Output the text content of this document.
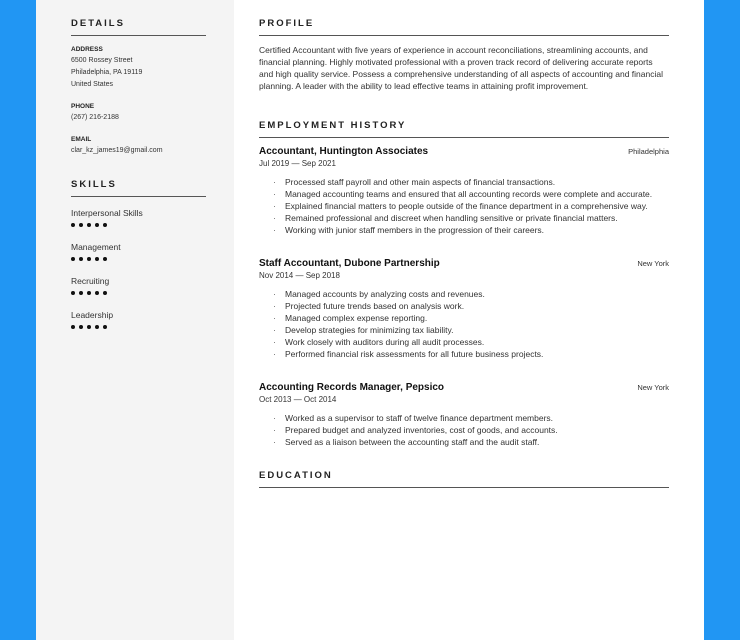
DETAILS
ADDRESS
6500 Rossey Street
Philadelphia, PA 19119
United States
PHONE
(267) 216-2188
EMAIL
clar_kz_james19@gmail.com
SKILLS
Interpersonal Skills
Management
Recruiting
Leadership
PROFILE

Certified Accountant with five years of experience in account reconciliations, streamlining accounts, and financial planning. Highly motivated professional with a proven track record of delivering accurate reports and high quality service. Possess a comprehensive understanding of all aspects of accounting and financial planning. A leader with the ability to lead effective teams in attaining profit improvement.

EMPLOYMENT HISTORY
Accountant, Huntington Associates	Philadelphia
Jul 2019 — Sep 2021
· Processed staff payroll and other main aspects of financial transactions.
· Managed accounting teams and ensured that all accounting records were complete and accurate.
· Explained financial matters to people outside of the finance department in a comprehensive way.
· Remained professional and discreet when handling sensitive or private financial matters.
· Working with junior staff members in the progression of their careers.
Staff Accountant, Dubone Partnership	New York
Nov 2014 — Sep 2018
· Managed accounts by analyzing costs and revenues.
· Projected future trends based on analysis work.
· Managed complex expense reporting.
· Develop strategies for minimizing tax liability.
· Work closely with auditors during all audit processes.
· Performed financial risk assessments for all future business projects.
Accounting Records Manager, Pepsico	New York
Oct 2013 — Oct 2014
· Worked as a supervisor to staff of twelve finance department members.
· Prepared budget and analyzed inventories, cost of goods, and accounts.
· Served as a liaison between the accounting staff and the audit staff.
EDUCATION
